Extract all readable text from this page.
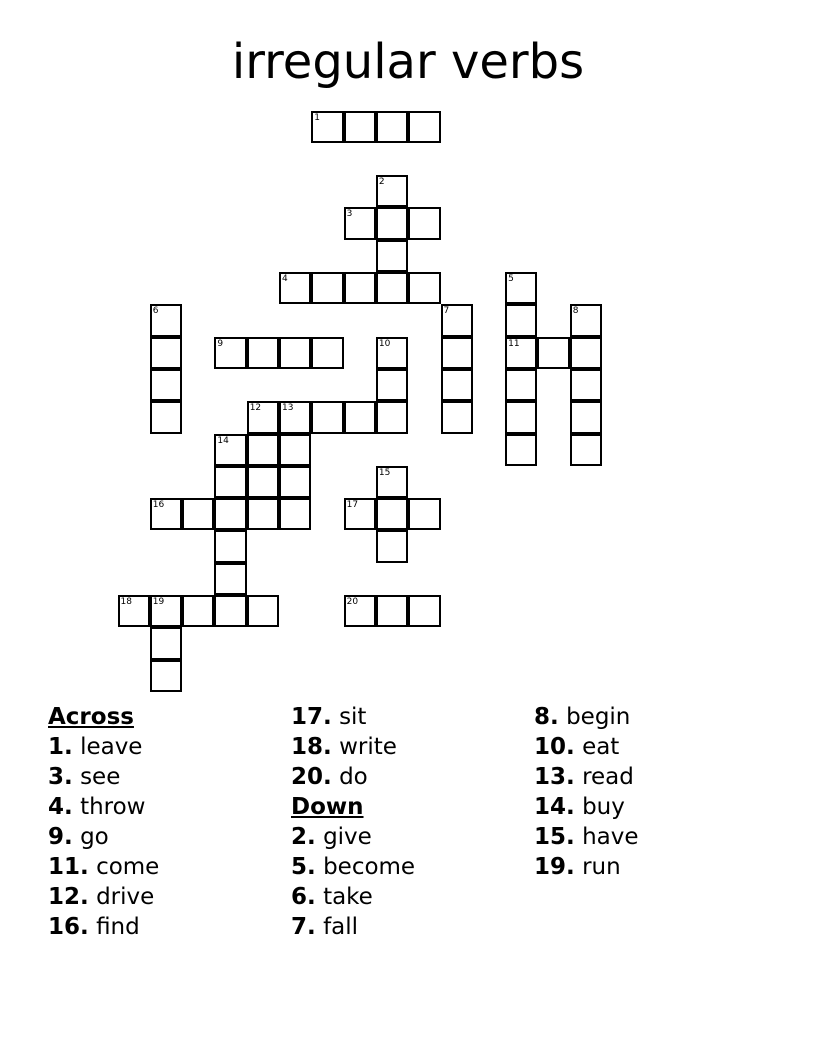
irregular verbs
1
2
3
4	5
6	7	8
9	10	11
12 13
14
15
16	17
18 19	20
Across
1. leave
3. see
4. throw
9. go
11. come
12. drive
16. find
17. sit
18. write
20. do
Down
2. give
5. become
6. take
7. fall
8. begin
10. eat
13. read
14. buy
15. have
19. run
